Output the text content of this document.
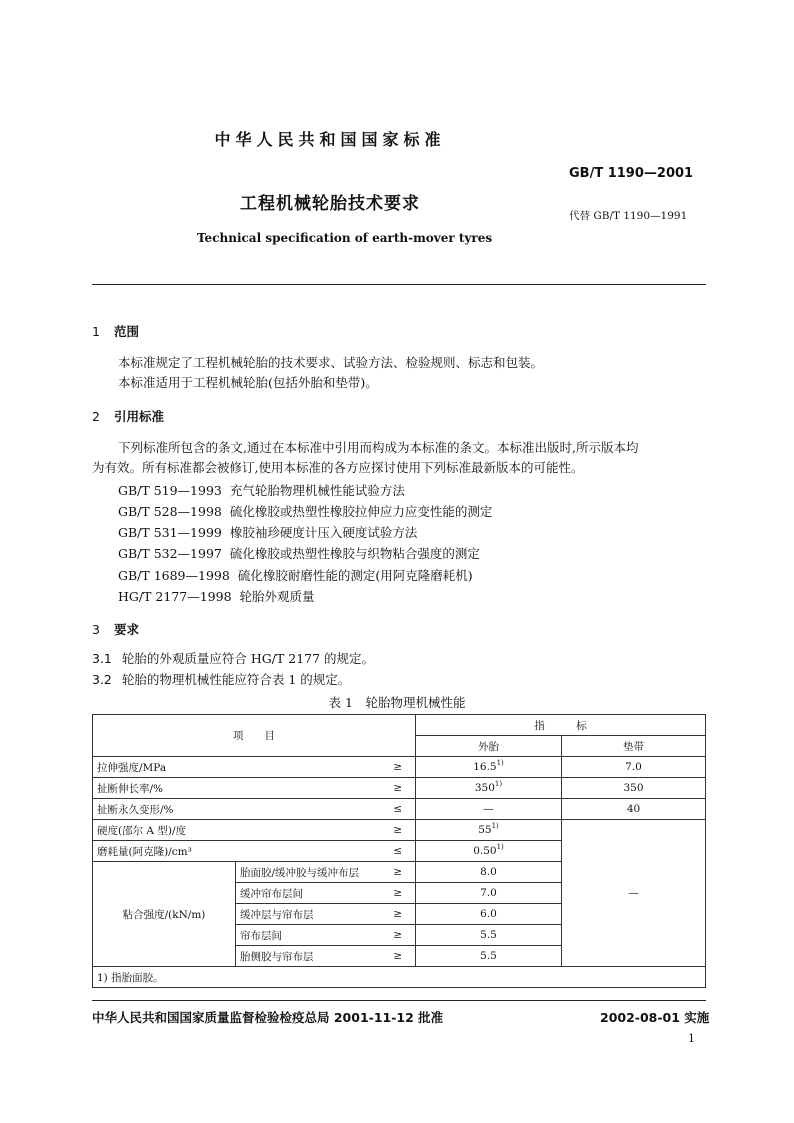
中华人民共和国国家标准
GB/T 1190—2001
工程机械轮胎技术要求
代替 GB/T 1190—1991
Technical specification of earth-mover tyres
1 范围
本标准规定了工程机械轮胎的技术要求、试验方法、检验规则、标志和包装。
本标准适用于工程机械轮胎(包括外胎和垫带)。
2 引用标准
下列标准所包含的条文,通过在本标准中引用而构成为本标准的条文。本标准出版时,所示版本均
为有效。所有标准都会被修订,使用本标准的各方应探讨使用下列标准最新版本的可能性。
GB/T 519—1993 充气轮胎物理机械性能试验方法
GB/T 528—1998 硫化橡胶或热塑性橡胶拉伸应力应变性能的测定
GB/T 531—1999 橡胶袖珍硬度计压入硬度试验方法
GB/T 532—1997 硫化橡胶或热塑性橡胶与织物粘合强度的测定
GB/T 1689—1998 硫化橡胶耐磨性能的测定(用阿克隆磨耗机)
HG/T 2177—1998 轮胎外观质量
3 要求
3.1 轮胎的外观质量应符合 HG/T 2177 的规定。
3.2 轮胎的物理机械性能应符合表 1 的规定。
表 1　轮胎物理机械性能
项　　目			指　　　标	
			外胎	垫带
拉伸强度/MPa		≥	$16.5^{1)}$	7.0
扯断伸长率/%		≥	$350^{1)}$	350
扯断永久变形/%		≤	—	40
硬度(邵尔 A 型)/度		≥	$55^{1)}$	—
磨耗量(阿克隆)/cm³		≤	$0.50^{1)}$
粘合强度/(kN/m)	胎面胶/缓冲胶与缓冲布层	≥	8.0	
	缓冲帘布层间	≥	7.0	
	缓冲层与帘布层	≥	6.0	
	帘布层间	≥	5.5	
	胎侧胶与帘布层	≥	5.5	
1) 指胎面胶。				
中华人民共和国国家质量监督检验检疫总局 2001-11-12 批准	2002-08-01 实施
1
